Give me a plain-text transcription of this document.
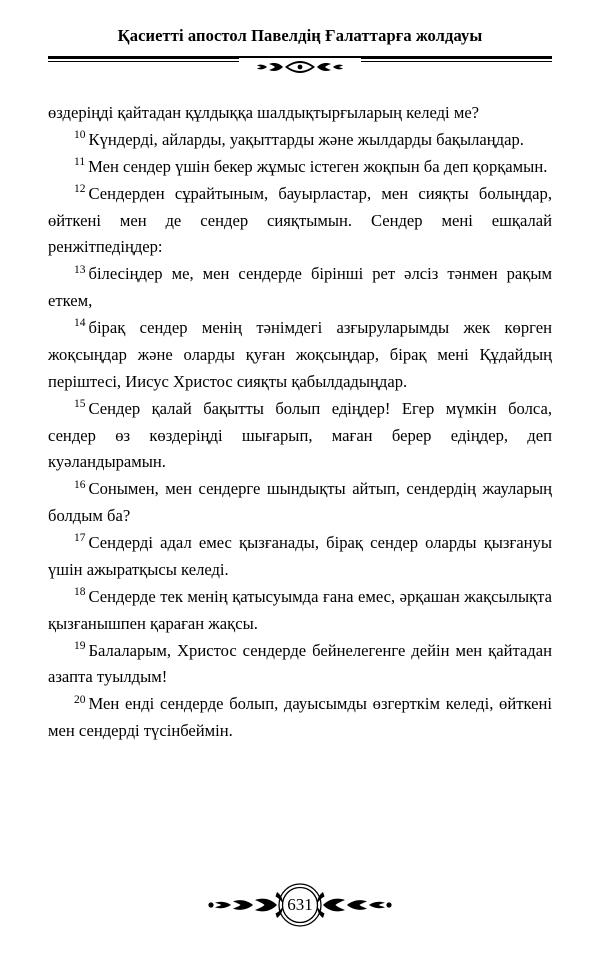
Қасиетті апостол Павелдің Ғалаттарға жолдауы

өздеріңді қайтадан құлдыққа шалдықтырғыларың келеді ме?

$^{10}$ Күндерді, айларды, уақыттарды және жылдарды бақылаңдар.

$^{11}$ Мен сендер үшін бекер жұмыс істеген жоқпын ба деп қорқамын.

$^{12}$ Сендерден сұрайтыным, бауырластар, мен сияқты болыңдар, өйткені мен де сендер сияқтымын. Сендер мені ешқалай ренжітпедіңдер:

$^{13}$ білесіңдер ме, мен сендерде бірінші рет әлсіз тәнмен рақым еткем,

$^{14}$ бірақ сендер менің тәнімдегі азғыруларымды жек көрген жоқсыңдар және оларды қуған жоқсыңдар, бірақ мені Құдайдың періштесі, Иисус Христос сияқты қабылдадыңдар.

$^{15}$ Сендер қалай бақытты болып едіңдер! Егер мүмкін болса, сендер өз көздеріңді шығарып, маған берер едіңдер, деп куәландырамын.

$^{16}$ Сонымен, мен сендерге шындықты айтып, сендердің жауларың болдым ба?

$^{17}$ Сендерді адал емес қызғанады, бірақ сендер оларды қызғануы үшін ажыратқысы келеді.

$^{18}$ Сендерде тек менің қатысуымда ғана емес, әрқашан жақсылықта қызғанышпен қараған жақсы.

$^{19}$ Балаларым, Христос сендерде бейнелегенге дейін мен қайтадан азапта туылдым!

$^{20}$ Мен енді сендерде болып, дауысымды өзгерткім келеді, өйткені мен сендерді түсінбеймін.

631
